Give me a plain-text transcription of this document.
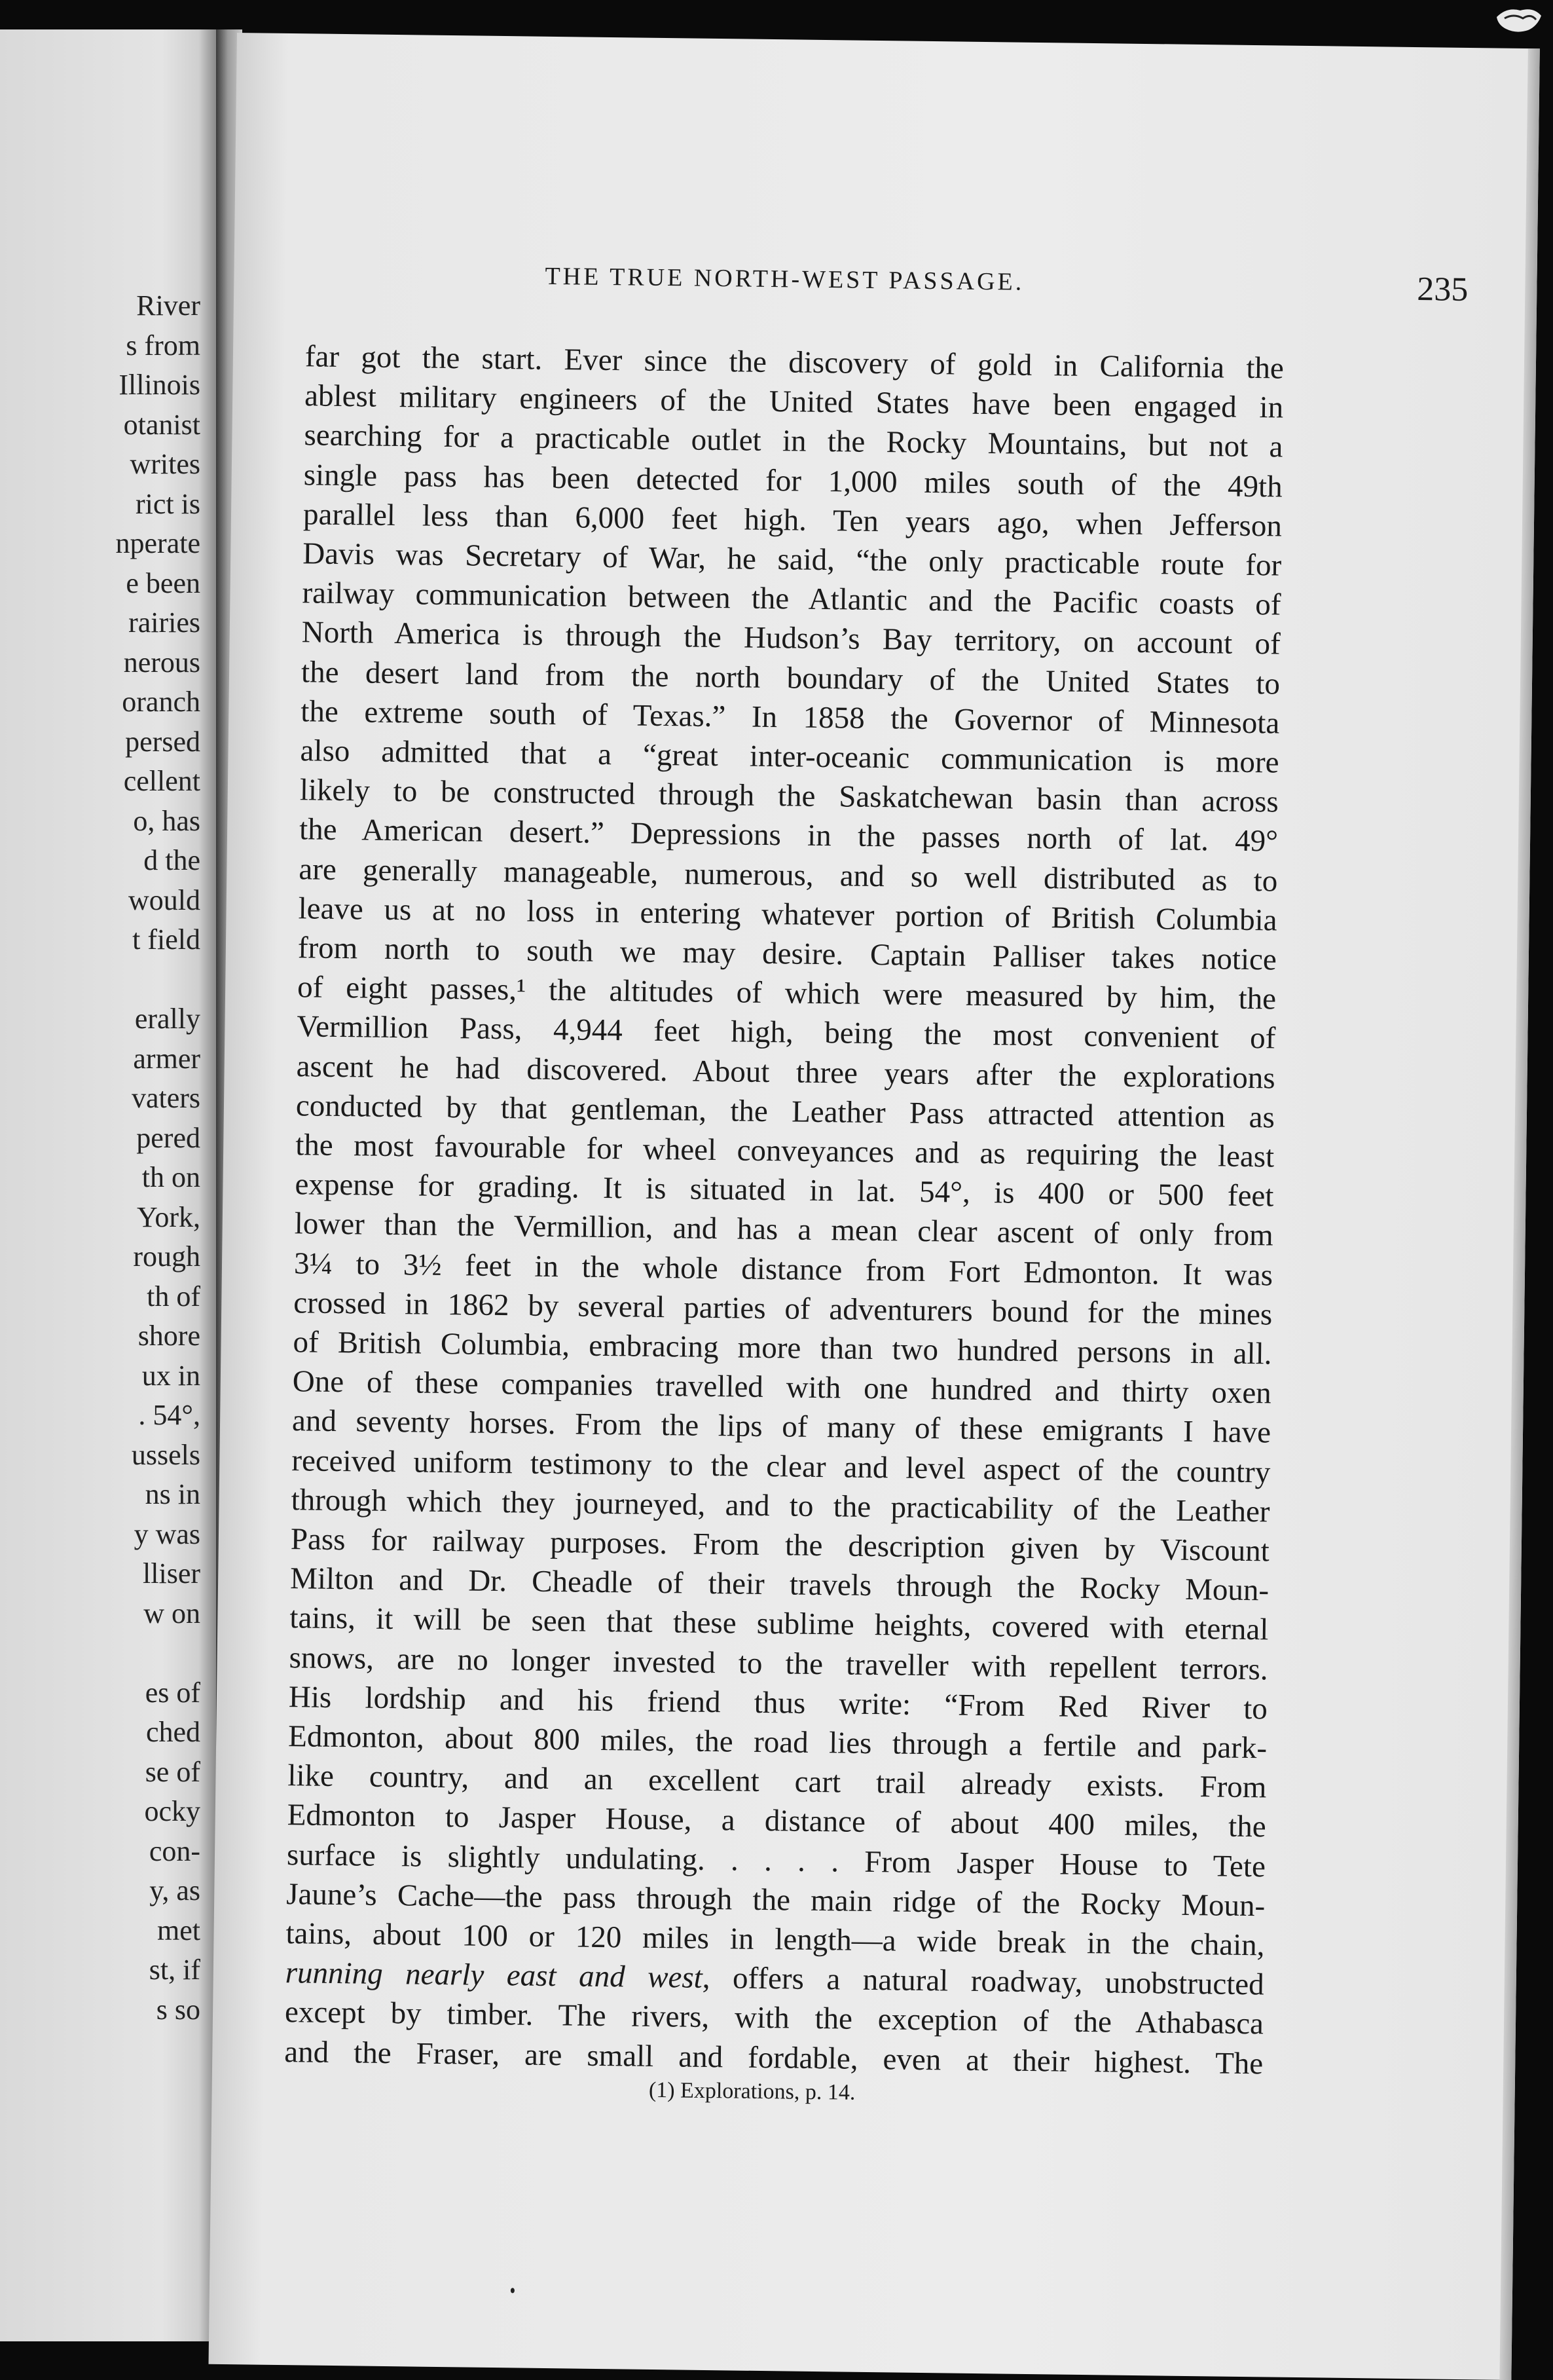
River
s from
Illinois
otanist
writes
rict is
nperate
e been
rairies
nerous
oranch
persed
cellent
o, has
d the
would
t field
erally
armer
vaters
pered
th on
York,
rough
th of
shore
ux in
. 54°,
ussels
ns in
y was
lliser
w on
es of
ched
se of
ocky
con-
y, as
met
st, if
s so
THE TRUE NORTH-WEST PASSAGE.	235
far got the start. Ever since the discovery of gold in California the
ablest military engineers of the United States have been engaged in
searching for a practicable outlet in the Rocky Mountains, but not a
single pass has been detected for 1,000 miles south of the 49th
parallel less than 6,000 feet high. Ten years ago, when Jefferson
Davis was Secretary of War, he said, “the only practicable route for
railway communication between the Atlantic and the Pacific coasts of
North America is through the Hudson’s Bay territory, on account of
the desert land from the north boundary of the United States to
the extreme south of Texas.” In 1858 the Governor of Minnesota
also admitted that a “great inter-oceanic communication is more
likely to be constructed through the Saskatchewan basin than across
the American desert.” Depressions in the passes north of lat. 49°
are generally manageable, numerous, and so well distributed as to
leave us at no loss in entering whatever portion of British Columbia
from north to south we may desire. Captain Palliser takes notice
of eight passes,¹ the altitudes of which were measured by him, the
Vermillion Pass, 4,944 feet high, being the most convenient of
ascent he had discovered. About three years after the explorations
conducted by that gentleman, the Leather Pass attracted attention as
the most favourable for wheel conveyances and as requiring the least
expense for grading. It is situated in lat. 54°, is 400 or 500 feet
lower than the Vermillion, and has a mean clear ascent of only from
3¼ to 3½ feet in the whole distance from Fort Edmonton. It was
crossed in 1862 by several parties of adventurers bound for the mines
of British Columbia, embracing more than two hundred persons in all.
One of these companies travelled with one hundred and thirty oxen
and seventy horses. From the lips of many of these emigrants I have
received uniform testimony to the clear and level aspect of the country
through which they journeyed, and to the practicability of the Leather
Pass for railway purposes. From the description given by Viscount
Milton and Dr. Cheadle of their travels through the Rocky Moun-
tains, it will be seen that these sublime heights, covered with eternal
snows, are no longer invested to the traveller with repellent terrors.
His lordship and his friend thus write: “From Red River to
Edmonton, about 800 miles, the road lies through a fertile and park-
like country, and an excellent cart trail already exists. From
Edmonton to Jasper House, a distance of about 400 miles, the
surface is slightly undulating. . . . . From Jasper House to Tete
Jaune’s Cache—the pass through the main ridge of the Rocky Moun-
tains, about 100 or 120 miles in length—a wide break in the chain,
running nearly east and west, offers a natural roadway, unobstructed
except by timber. The rivers, with the exception of the Athabasca
and the Fraser, are small and fordable, even at their highest. The
(1) Explorations, p. 14.
